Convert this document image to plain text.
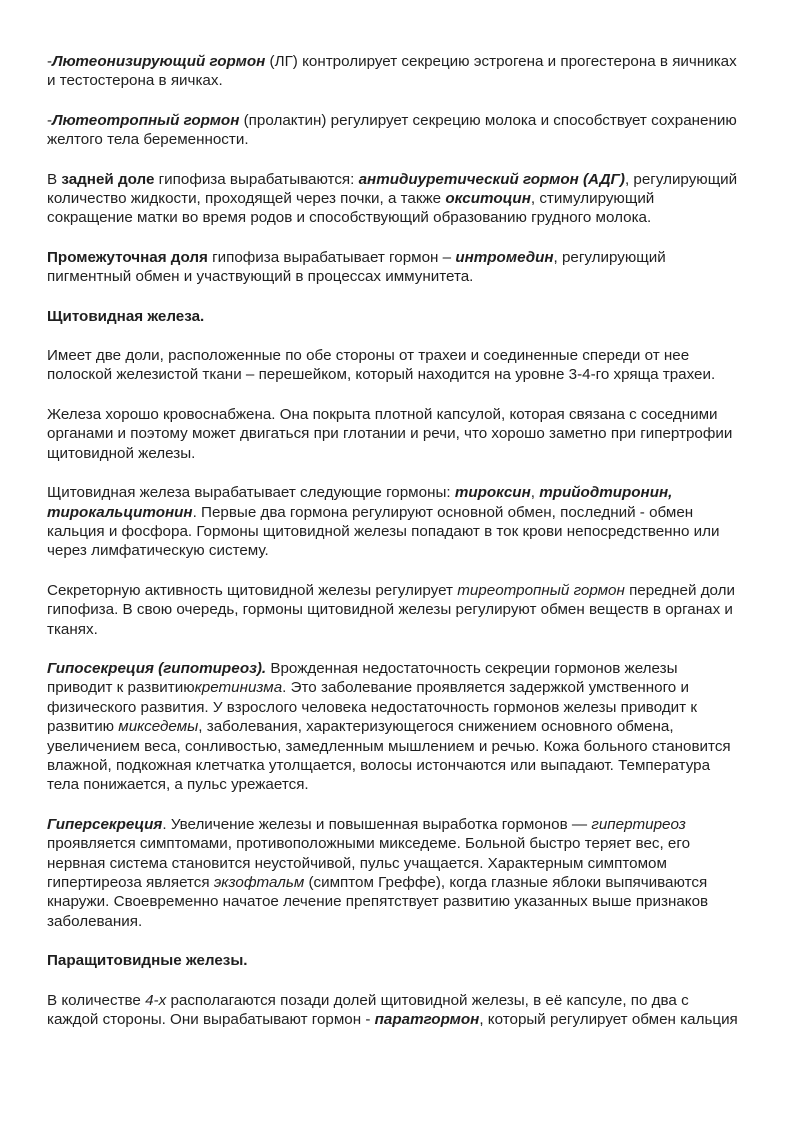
-Лютеонизирующий гормон (ЛГ) контролирует секрецию эстрогена и прогестерона в яичниках и тестостерона в яичках.

-Лютеотропный гормон (пролактин) регулирует секрецию молока и способствует сохранению желтого тела беременности.

В задней доле гипофиза вырабатываются: антидиуретический гормон (АДГ), регулирующий количество жидкости, проходящей через почки, а также окситоцин, стимулирующий сокращение матки во время родов и способствующий образованию грудного молока.

Промежуточная доля гипофиза вырабатывает гормон – интромедин, регулирующий пигментный обмен и участвующий в процессах иммунитета.

Щитовидная железа.

Имеет две доли, расположенные по обе стороны от трахеи и соединенные спереди от нее полоской железистой ткани – перешейком, который находится на уровне 3-4-го хряща трахеи.

Железа хорошо кровоснабжена. Она покрыта плотной капсулой, которая связана с соседними органами и поэтому может двигаться при глотании и речи, что хорошо заметно при гипертрофии щитовидной железы.

Щитовидная железа вырабатывает следующие гормоны: тироксин, трийодтиронин, тирокальцитонин. Первые два гормона регулируют основной обмен, последний - обмен кальция и фосфора. Гормоны щитовидной железы попадают в ток крови непосредственно или через лимфатическую систему.

Секреторную активность щитовидной железы регулирует тиреотропный гормон передней доли гипофиза. В свою очередь, гормоны щитовидной железы регулируют обмен веществ в органах и тканях.

Гипосекреция (гипотиреоз). Врожденная недостаточность секреции гормонов железы приводит к развитиюкретинизма. Это заболевание проявляется задержкой умственного и физического развития. У взрослого человека недостаточность гормонов железы приводит к развитию микседемы, заболевания, характеризующегося снижением основного обмена, увеличением веса, сонливостью, замедленным мышлением и речью. Кожа больного становится влажной, подкожная клетчатка утолщается, волосы истончаются или выпадают. Температура тела понижается, а пульс урежается.

Гиперсекреция. Увеличение железы и повышенная выработка гормонов — гипертиреоз проявляется симптомами, противоположными микседеме. Больной быстро теряет вес, его нервная система становится неустойчивой, пульс учащается. Характерным симптомом гипертиреоза является экзофтальм (симптом Греффе), когда глазные яблоки выпячиваются кнаружи. Своевременно начатое лечение препятствует развитию указанных выше признаков заболевания.

Паращитовидные железы.

В количестве 4-х располагаются позади долей щитовидной железы, в её капсуле, по два с каждой стороны. Они вырабатывают гормон - паратгормон, который регулирует обмен кальция
